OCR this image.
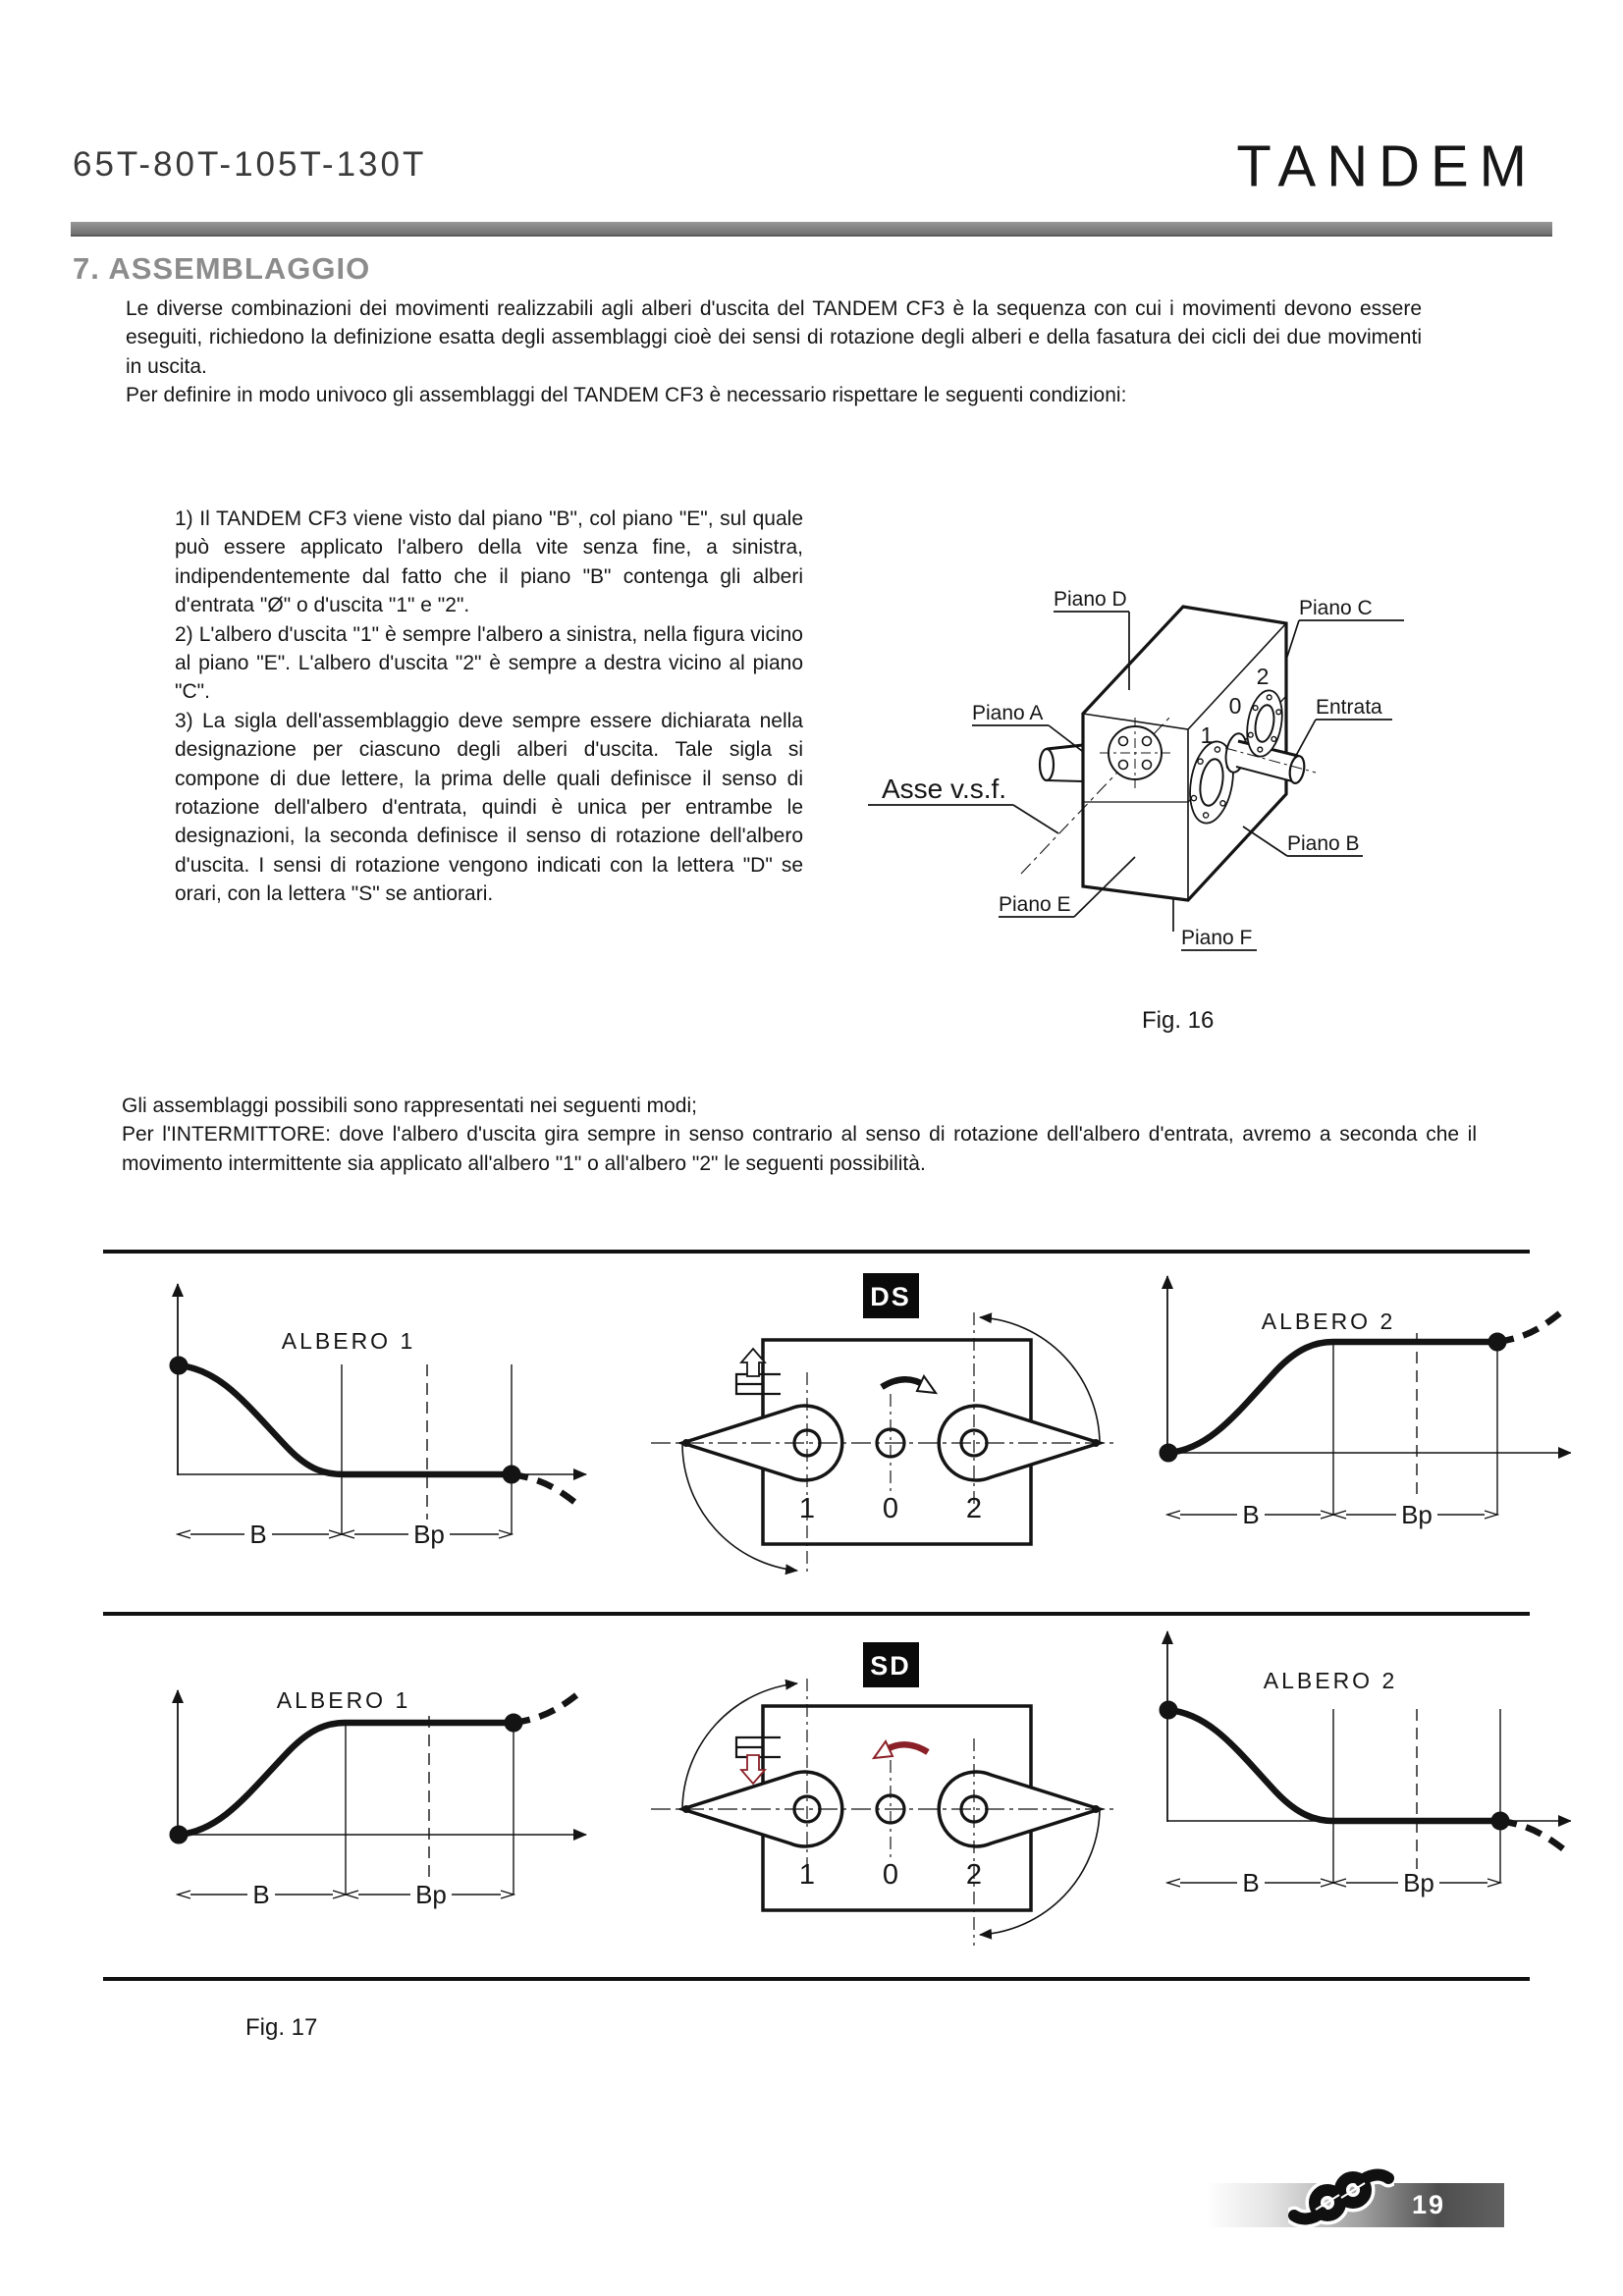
65T-80T-105T-130T	TANDEM
7. ASSEMBLAGGIO

Le diverse combinazioni dei movimenti realizzabili agli alberi d'uscita del TANDEM CF3 è la sequenza con cui i movimenti devono essere eseguiti, richiedono la definizione esatta degli assemblaggi cioè dei sensi di rotazione degli alberi e della fasatura dei cicli dei due movimenti in uscita.

Per definire in modo univoco gli assemblaggi del TANDEM CF3 è necessario rispettare le seguenti condizioni:

1) Il TANDEM CF3 viene visto dal piano "B", col piano "E", sul quale può essere applicato l'albero della vite senza fine, a sinistra, indipendentemente dal fatto che il piano "B" contenga gli alberi d'entrata "Ø" o d'uscita "1" e "2".

2) L'albero d'uscita "1" è sempre l'albero a sinistra, nella figura vicino al piano "E". L'albero d'uscita "2" è sempre a destra vicino al piano "C".

3) La sigla dell'assemblaggio deve sempre essere dichiarata nella designazione per ciascuno degli alberi d'uscita. Tale sigla si compone di due lettere, la prima delle quali definisce il senso di rotazione dell'albero d'entrata, quindi è unica per entrambe le designazioni, la seconda definisce il senso di rotazione dell'albero d'uscita. I sensi di rotazione vengono indicati con la lettera "D" se orari, con la lettera "S" se antiorari.

Piano D	Piano C
Piano A	Entrata
Asse v.s.f.
Piano B
Piano E
Piano F
1
0
2
Fig. 16

Gli assemblaggi possibili sono rappresentati nei seguenti modi;

Per l'INTERMITTORE: dove l'albero d'uscita gira sempre in senso contrario al senso di rotazione dell'albero d'entrata, avremo a seconda che il movimento intermittente sia applicato all'albero "1" o all'albero "2" le seguenti possibilità.

ALBERO 1
B	Bp
DS
1 0 2
ALBERO 2
B	Bp
ALBERO 1
B	Bp
SD
1 0 2
ALBERO 2
B	Bp
Fig. 17
19
